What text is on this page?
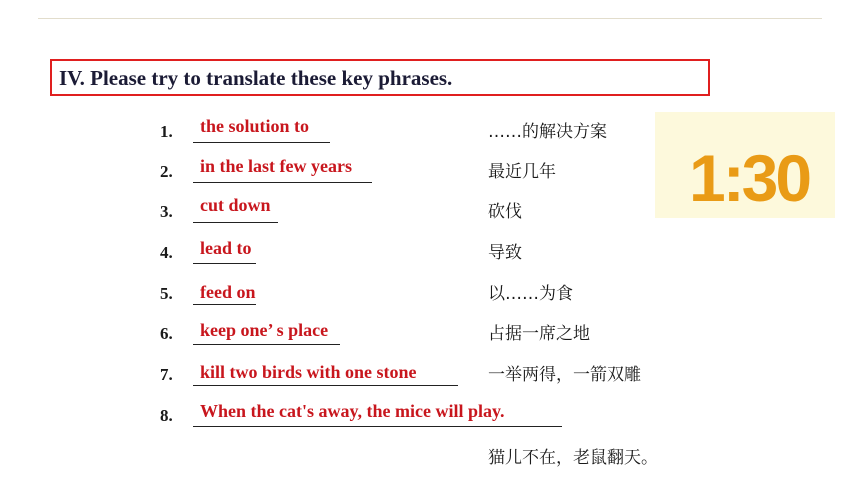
IV. Please try to translate these key phrases.
1:30
1. the solution to	……的解决方案
2. in the last few years	最近几年
3. cut down	砍伐
4. lead to	导致
5. feed on	以……为食
6. keep one’ s place	占据一席之地
7. kill two birds with one stone	一举两得，一箭双雕
8. When the cat's away, the mice will play.
猫儿不在，老鼠翻天。
